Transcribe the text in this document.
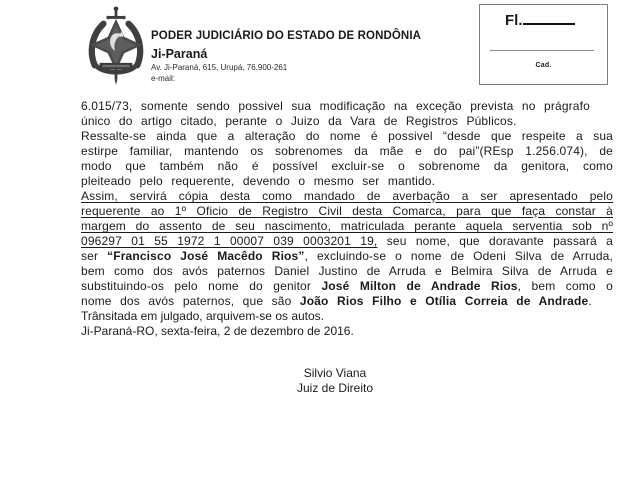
PODER JUDICIÁRIO DO ESTADO DE RONDÔNIA
Ji-Paraná
Av. Ji-Paraná, 615, Urupá, 76.900-261
e-mail:
Fl.
Cad.

6.015/73, somente sendo possivel sua modificação na exceção prevista no prágrafo único do artigo citado, perante o Juizo da Vara de Registros Públicos.

Ressalte-se ainda que a alteração do nome é possivel “desde que respeite a sua estirpe familiar, mantendo os sobrenomes da mãe e do pai”(REsp 1.256.074), de modo que também não é possível excluir-se o sobrenome da genitora, como pleiteado pelo requerente, devendo o mesmo ser mantido.

Assim, servirá cópia desta como mandado de averbação a ser apresentado pelo requerente ao 1º Oficio de Registro Civil desta Comarca, para que faça constar à margem do assento de seu nascimento, matriculada perante aquela serventia sob nº 096297 01 55 1972 1 00007 039 0003201 19, seu nome, que doravante passará a ser “Francisco José Macêdo Rios”, excluindo-se o nome de Odeni Silva de Arruda, bem como dos avós paternos Daniel Justino de Arruda e Belmira Silva de Arruda e substituindo-os pelo nome do genitor José Milton de Andrade Rios, bem como o nome dos avós paternos, que são João Rios Filho e Otília Correia de Andrade.

Trânsitada em julgado, arquivem-se os autos.

Ji-Paraná-RO, sexta-feira, 2 de dezembro de 2016.

Silvio Viana
Juiz de Direito
